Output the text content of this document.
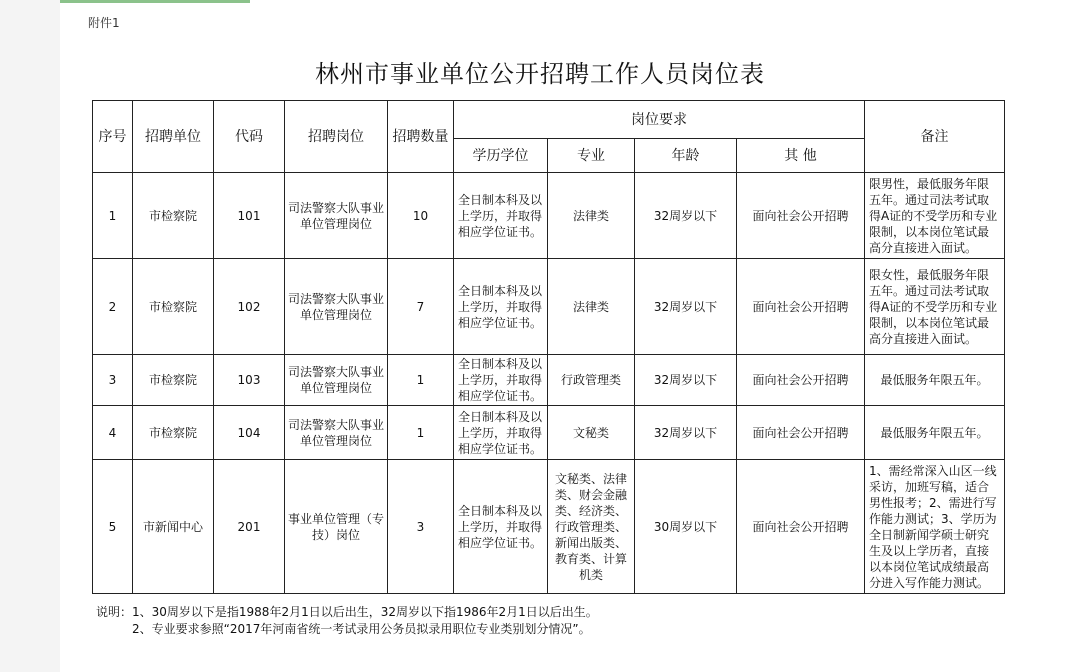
附件1
林州市事业单位公开招聘工作人员岗位表
序号	招聘单位	代码	招聘岗位	招聘数量	岗位要求				备注
					学历学位	专业	年龄	其 他	
1	市检察院	101	司法警察大队事业单位管理岗位	10	全日制本科及以上学历，并取得相应学位证书。	法律类	32周岁以下	面向社会公开招聘	限男性，最低服务年限五年。通过司法考试取得A证的不受学历和专业限制，以本岗位笔试最高分直接进入面试。
2	市检察院	102	司法警察大队事业单位管理岗位	7	全日制本科及以上学历，并取得相应学位证书。	法律类	32周岁以下	面向社会公开招聘	限女性，最低服务年限五年。通过司法考试取得A证的不受学历和专业限制，以本岗位笔试最高分直接进入面试。
3	市检察院	103	司法警察大队事业单位管理岗位	1	全日制本科及以上学历，并取得相应学位证书。	行政管理类	32周岁以下	面向社会公开招聘	最低服务年限五年。
4	市检察院	104	司法警察大队事业单位管理岗位	1	全日制本科及以上学历，并取得相应学位证书。	文秘类	32周岁以下	面向社会公开招聘	最低服务年限五年。
5	市新闻中心	201	事业单位管理（专技）岗位	3	全日制本科及以上学历，并取得相应学位证书。	文秘类、法律类、财会金融类、经济类、行政管理类、新闻出版类、教育类、计算机类	30周岁以下	面向社会公开招聘	1、需经常深入山区一线采访，加班写稿，适合男性报考；2、需进行写作能力测试；3、学历为全日制新闻学硕士研究生及以上学历者，直接以本岗位笔试成绩最高分进入写作能力测试。
说明：1、30周岁以下是指1988年2月1日以后出生，32周岁以下指1986年2月1日以后出生。
2、专业要求参照“2017年河南省统一考试录用公务员拟录用职位专业类别划分情况”。
